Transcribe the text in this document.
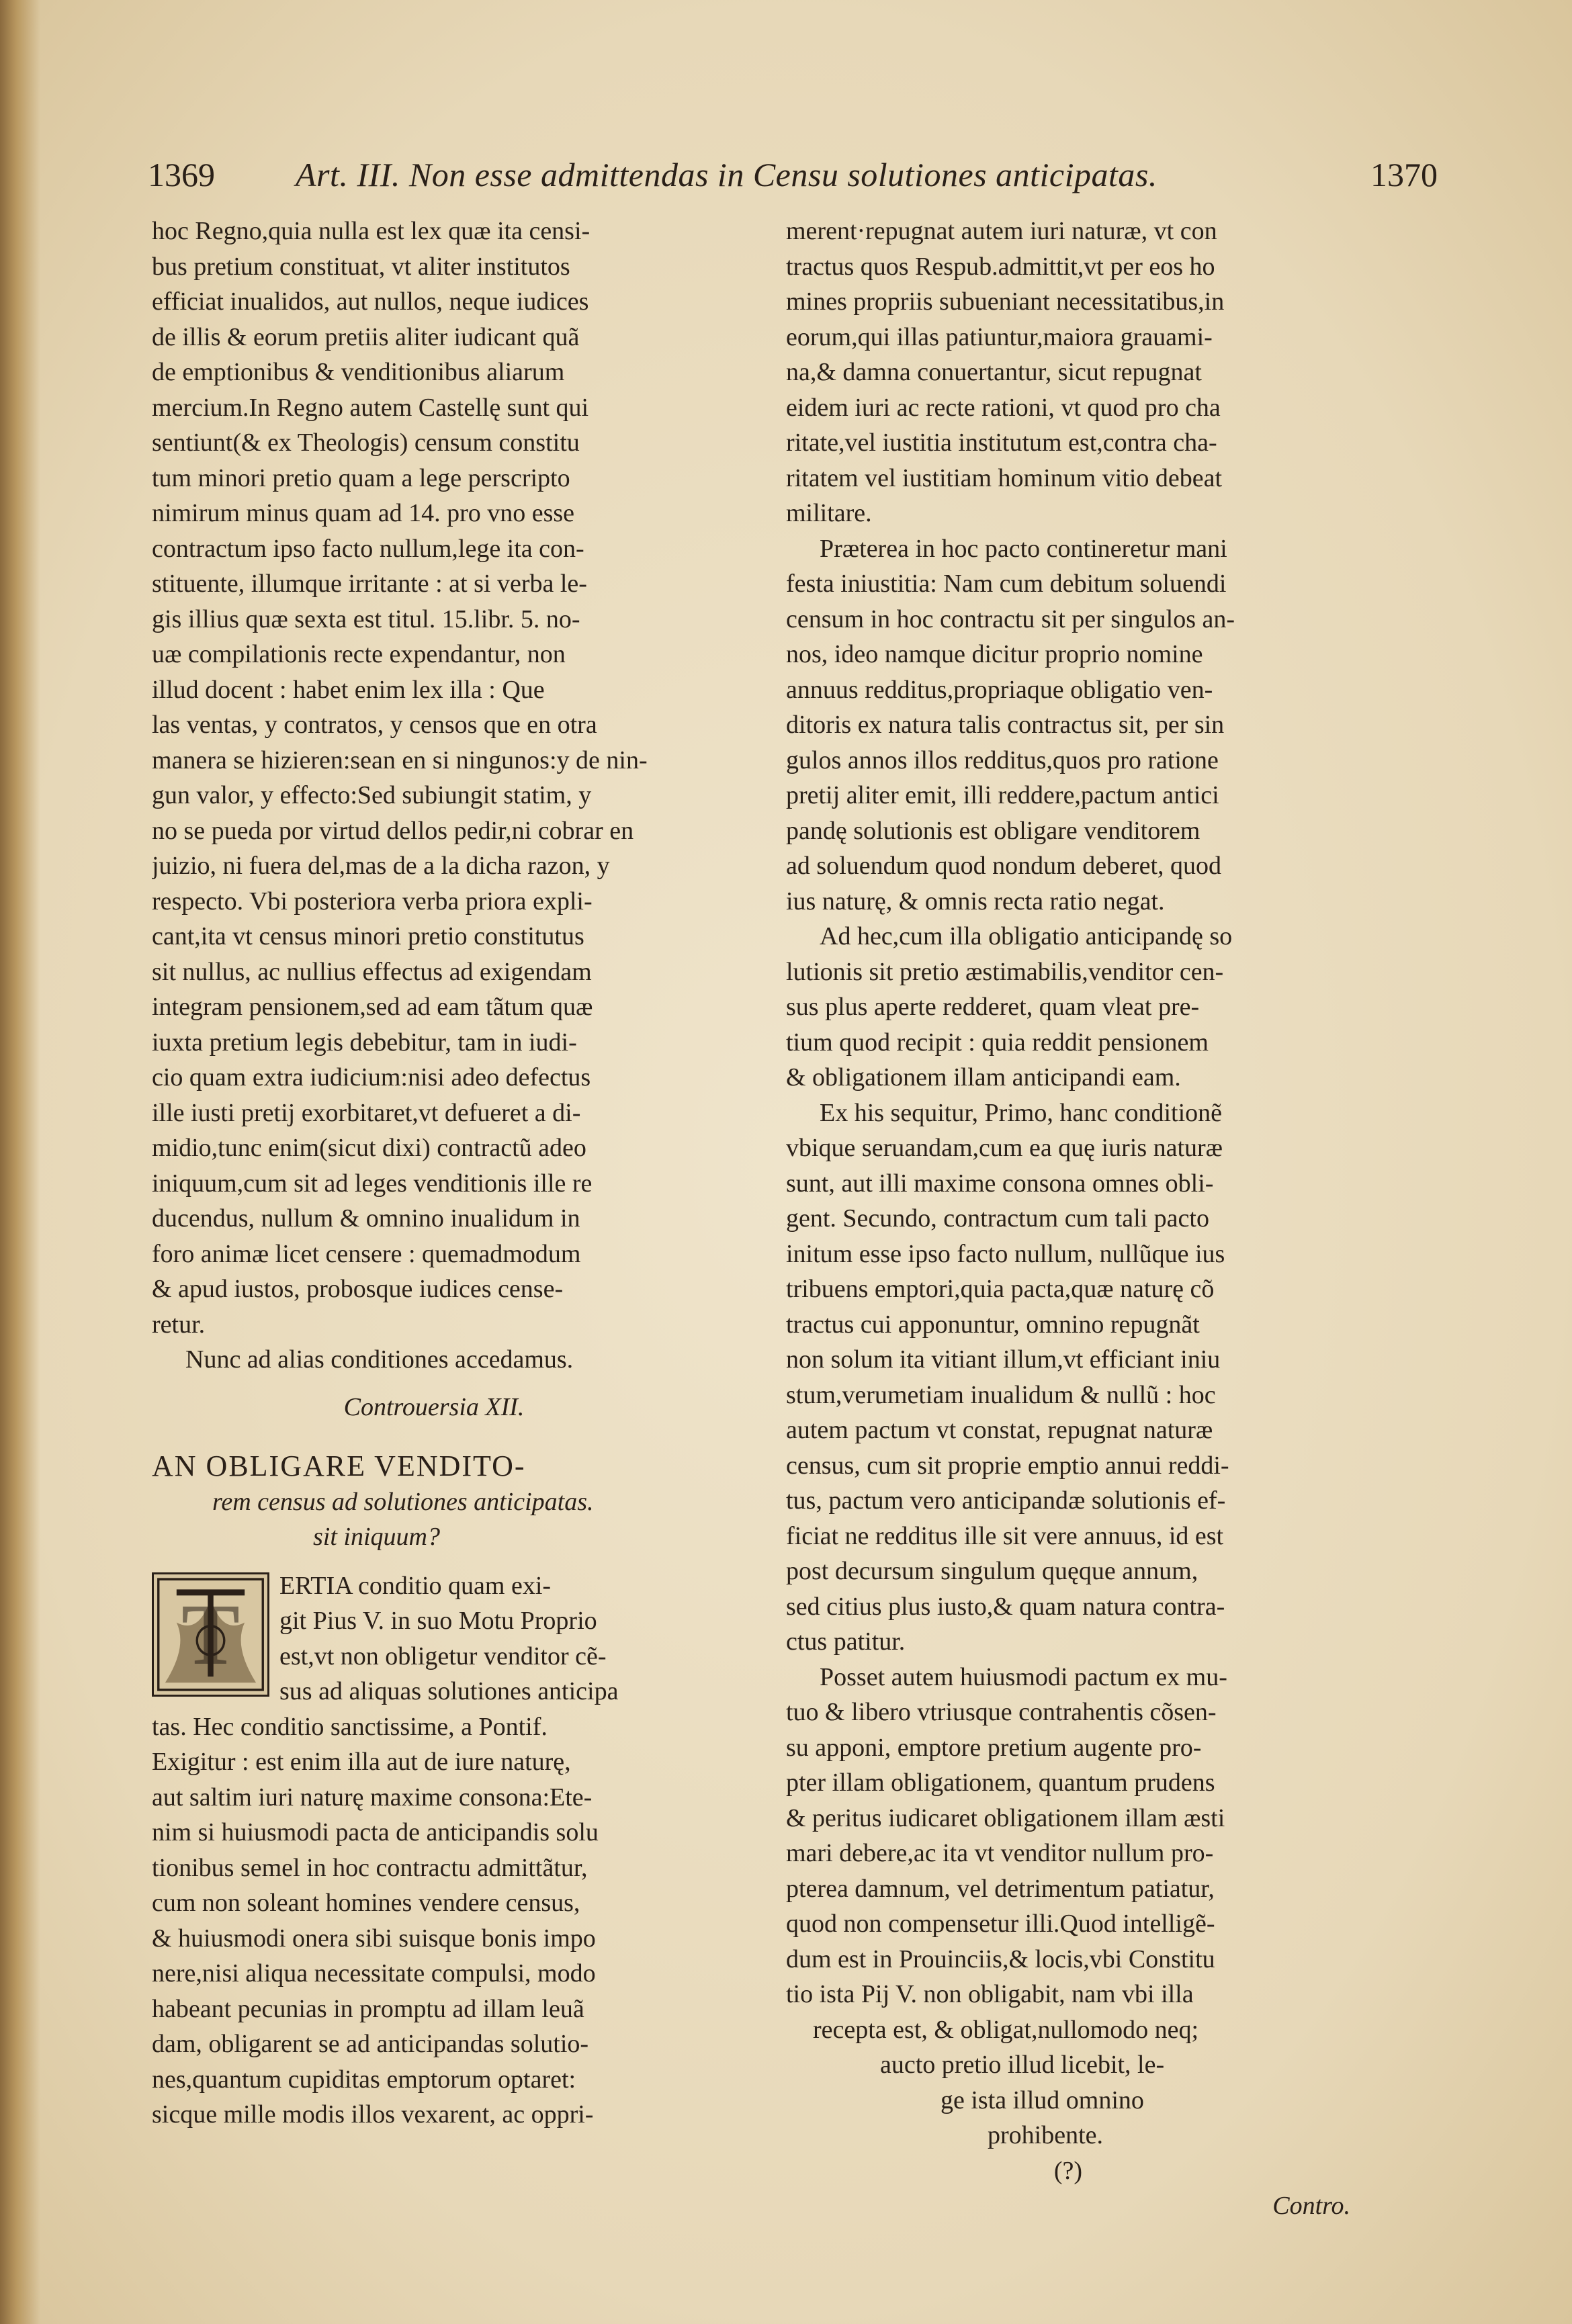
1369 Art. III. Non esse admittendas in Censu solutiones anticipatas.	1370
hoc Regno,quia nulla est lex quæ ita censi-
bus pretium constituat, vt aliter institutos
efficiat inualidos, aut nullos, neque iudices
de illis & eorum pretiis aliter iudicant quã
de emptionibus & venditionibus aliarum
mercium.In Regno autem Castellę sunt qui
sentiunt(& ex Theologis) censum constitu
tum minori pretio quam a lege perscripto
nimirum minus quam ad 14. pro vno esse
contractum ipso facto nullum,lege ita con-
stituente, illumque irritante : at si verba le-
gis illius quæ sexta est titul. 15.libr. 5. no-
uæ compilationis recte expendantur, non
illud docent : habet enim lex illa : Que
las ventas, y contratos, y censos que en otra
manera se hizieren:sean en si ningunos:y de nin-
gun valor, y effecto:Sed subiungit statim, y
no se pueda por virtud dellos pedir,ni cobrar en
juizio, ni fuera del,mas de a la dicha razon, y
respecto. Vbi posteriora verba priora expli-
cant,ita vt census minori pretio constitutus
sit nullus, ac nullius effectus ad exigendam
integram pensionem,sed ad eam tãtum quæ
iuxta pretium legis debebitur, tam in iudi-
cio quam extra iudicium:nisi adeo defectus
ille iusti pretij exorbitaret,vt defueret a di-
midio,tunc enim(sicut dixi) contractũ adeo
iniquum,cum sit ad leges venditionis ille re
ducendus, nullum & omnino inualidum in
foro animæ licet censere : quemadmodum
& apud iustos, probosque iudices cense-
retur.
Nunc ad alias conditiones accedamus.
Controuersia XII.
AN OBLIGARE VENDITO-
rem census ad solutiones anticipatas.
sit iniquum?
T
ERTIA conditio quam exi-
git Pius V. in suo Motu Proprio
est,vt non obligetur venditor cẽ-
sus ad aliquas solutiones anticipa
tas. Hec conditio sanctissime, a Pontif.
Exigitur : est enim illa aut de iure naturę,
aut saltim iuri naturę maxime consona:Ete-
nim si huiusmodi pacta de anticipandis solu
tionibus semel in hoc contractu admittãtur,
cum non soleant homines vendere census,
& huiusmodi onera sibi suisque bonis impo
nere,nisi aliqua necessitate compulsi, modo
habeant pecunias in promptu ad illam leuã
dam, obligarent se ad anticipandas solutio-
nes,quantum cupiditas emptorum optaret:
sicque mille modis illos vexarent, ac oppri-
merent·repugnat autem iuri naturæ, vt con
tractus quos Respub.admittit,vt per eos ho
mines propriis subueniant necessitatibus,in
eorum,qui illas patiuntur,maiora grauami-
na,& damna conuertantur, sicut repugnat
eidem iuri ac recte rationi, vt quod pro cha
ritate,vel iustitia institutum est,contra cha-
ritatem vel iustitiam hominum vitio debeat
militare.
Præterea in hoc pacto contineretur mani
festa iniustitia: Nam cum debitum soluendi
censum in hoc contractu sit per singulos an-
nos, ideo namque dicitur proprio nomine
annuus redditus,propriaque obligatio ven-
ditoris ex natura talis contractus sit, per sin
gulos annos illos redditus,quos pro ratione
pretij aliter emit, illi reddere,pactum antici
pandę solutionis est obligare venditorem
ad soluendum quod nondum deberet, quod
ius naturę, & omnis recta ratio negat.
Ad hec,cum illa obligatio anticipandę so
lutionis sit pretio æstimabilis,venditor cen-
sus plus aperte redderet, quam vleat pre-
tium quod recipit : quia reddit pensionem
& obligationem illam anticipandi eam.
Ex his sequitur, Primo, hanc conditionẽ
vbique seruandam,cum ea quę iuris naturæ
sunt, aut illi maxime consona omnes obli-
gent. Secundo, contractum cum tali pacto
initum esse ipso facto nullum, nullũque ius
tribuens emptori,quia pacta,quæ naturę cõ
tractus cui apponuntur, omnino repugnãt
non solum ita vitiant illum,vt efficiant iniu
stum,verumetiam inualidum & nullũ : hoc
autem pactum vt constat, repugnat naturæ
census, cum sit proprie emptio annui reddi-
tus, pactum vero anticipandæ solutionis ef-
ficiat ne redditus ille sit vere annuus, id est
post decursum singulum quęque annum,
sed citius plus iusto,& quam natura contra-
ctus patitur.
Posset autem huiusmodi pactum ex mu-
tuo & libero vtriusque contrahentis cõsen-
su apponi, emptore pretium augente pro-
pter illam obligationem, quantum prudens
& peritus iudicaret obligationem illam æsti
mari debere,ac ita vt venditor nullum pro-
pterea damnum, vel detrimentum patiatur,
quod non compensetur illi.Quod intelligẽ-
dum est in Prouinciis,& locis,vbi Constitu
tio ista Pij V. non obligabit, nam vbi illa
recepta est, & obligat,nullomodo neq;
aucto pretio illud licebit, le-
ge ista illud omnino
prohibente.
(?)
Contro.
